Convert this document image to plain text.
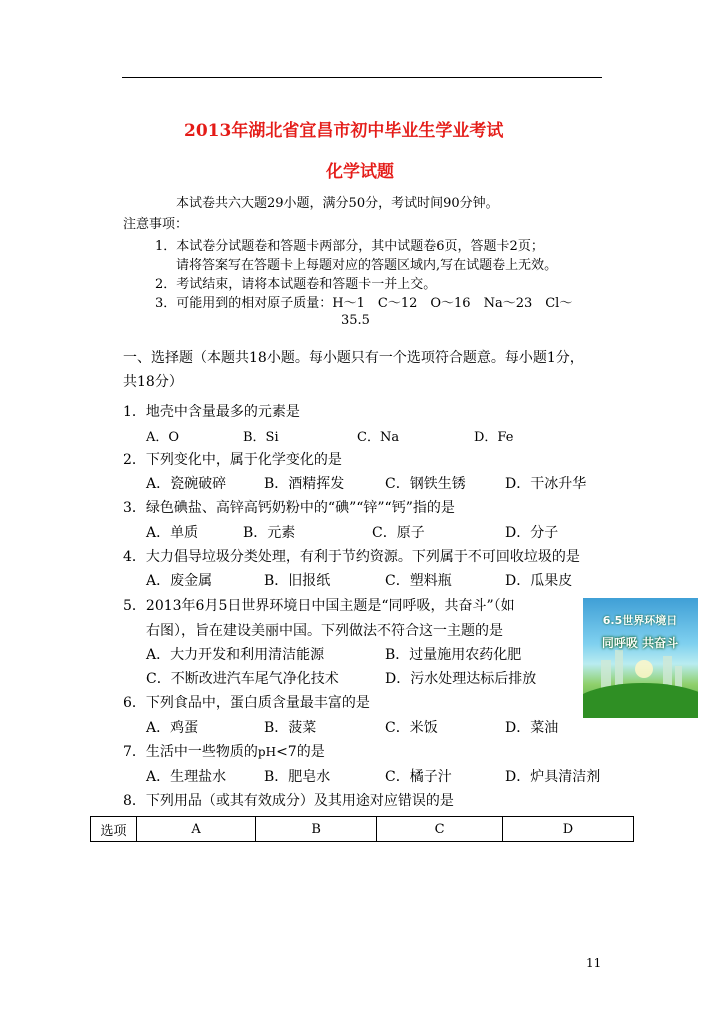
2013年湖北省宜昌市初中毕业生学业考试
化学试题
本试卷共六大题29小题，满分50分，考试时间90分钟。
注意事项：
1．本试卷分试题卷和答题卡两部分，其中试题卷6页，答题卡2页；
请将答案写在答题卡上每题对应的答题区域内,写在试题卷上无效。
2．考试结束，请将本试题卷和答题卡一并上交。
3．可能用到的相对原子质量：H～1　C～12　O～16　Na～23　Cl～
35.5
一、选择题（本题共18小题。每小题只有一个选项符合题意。每小题1分，
共18分）
1．地壳中含量最多的元素是
A．O	B．Si	C．Na	D．Fe
2．下列变化中，属于化学变化的是
A．瓷碗破碎	B．酒精挥发	C．钢铁生锈	D．干冰升华
3．绿色碘盐、高锌高钙奶粉中的“碘”“锌”“钙”指的是
A．单质	B．元素	C．原子	D．分子
4．大力倡导垃圾分类处理，有利于节约资源。下列属于不可回收垃圾的是
A．废金属	B．旧报纸	C．塑料瓶	D．瓜果皮
5．2013年6月5日世界环境日中国主题是“同呼吸，共奋斗”（如
右图），旨在建设美丽中国。下列做法不符合这一主题的是
A．大力开发和利用清洁能源	B．过量施用农药化肥
C．不断改进汽车尾气净化技术	D．污水处理达标后排放
6.5世界环境日
同呼吸 共奋斗
6．下列食品中，蛋白质含量最丰富的是
A．鸡蛋	B．菠菜	C．米饭	D．菜油
7．生活中一些物质的pH<7的是
A．生理盐水	B．肥皂水	C．橘子汁	D．炉具清洁剂
8．下列用品（或其有效成分）及其用途对应错误的是
选项	A	B	C	D
11
